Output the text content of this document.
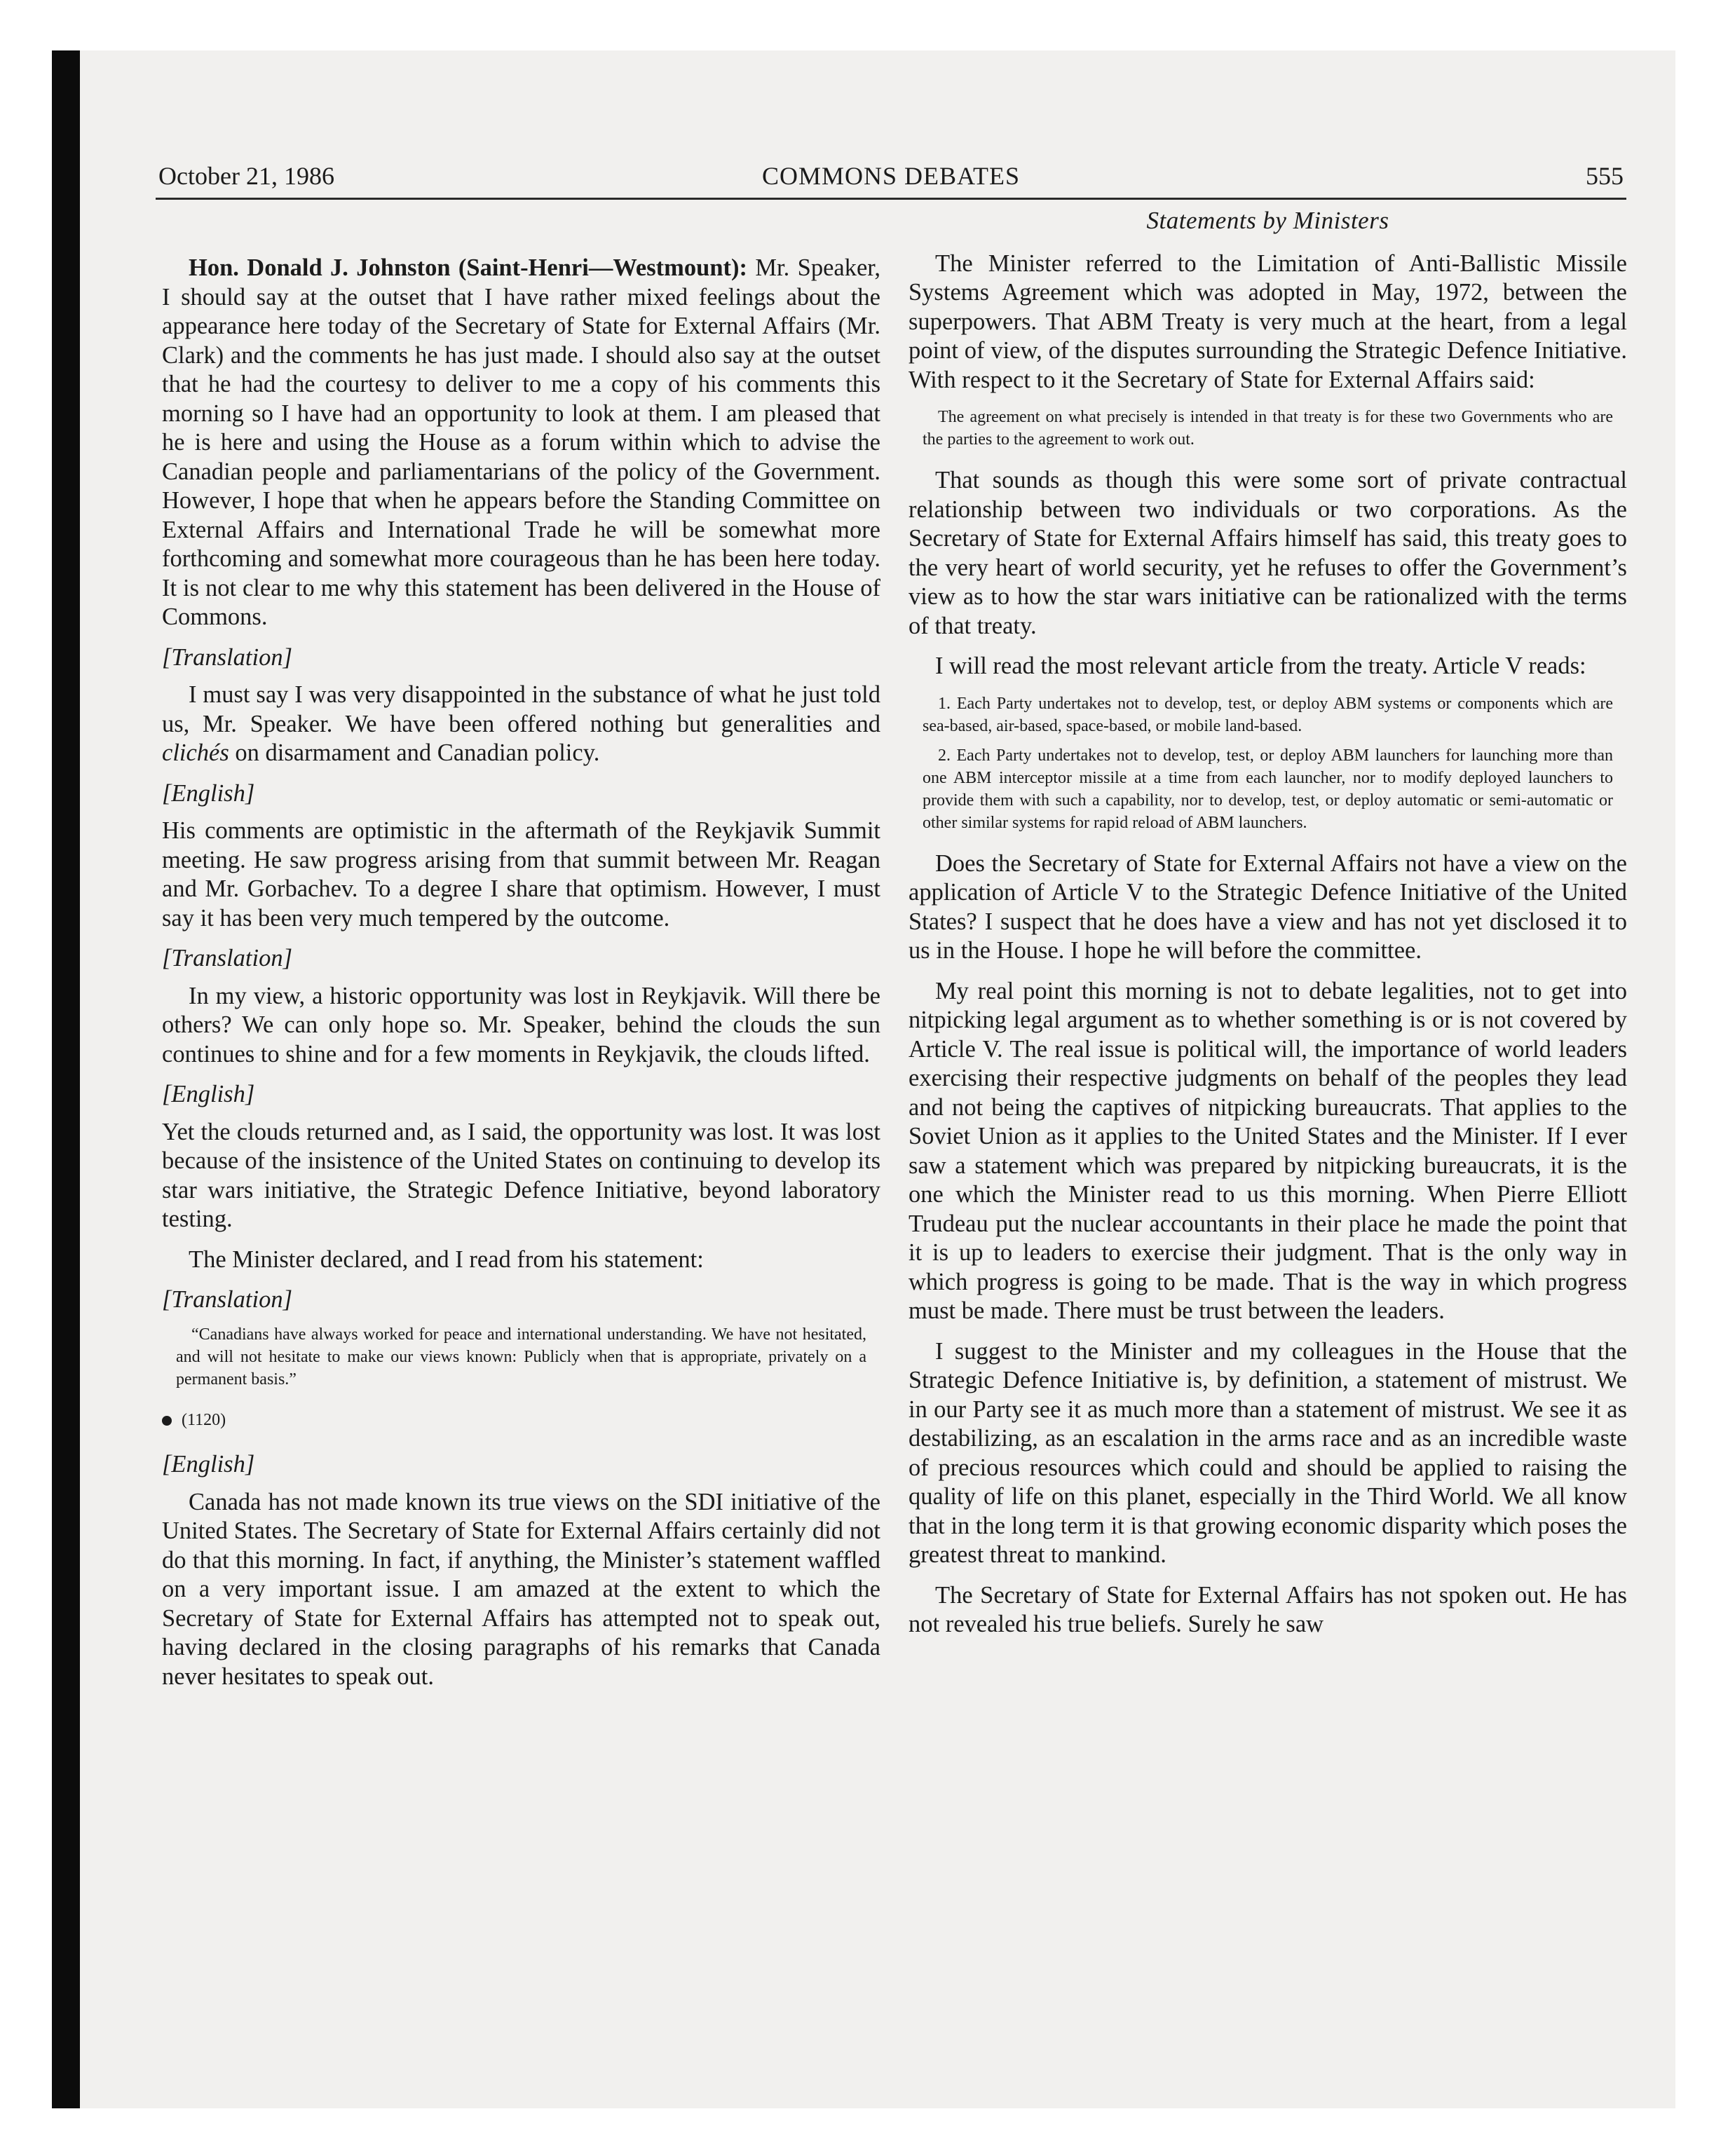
COMMONS DEBATES
October 21, 1986	555

Hon. Donald J. Johnston (Saint-Henri—Westmount): Mr. Speaker, I should say at the outset that I have rather mixed feelings about the appearance here today of the Secretary of State for External Affairs (Mr. Clark) and the comments he has just made. I should also say at the outset that he had the courtesy to deliver to me a copy of his comments this morning so I have had an opportunity to look at them. I am pleased that he is here and using the House as a forum within which to advise the Canadian people and parliamentarians of the policy of the Government. However, I hope that when he appears before the Standing Committee on External Affairs and International Trade he will be somewhat more forthcoming and somewhat more courageous than he has been here today. It is not clear to me why this statement has been delivered in the House of Commons.

[Translation]

I must say I was very disappointed in the substance of what he just told us, Mr. Speaker. We have been offered nothing but generalities and clichés on disarmament and Canadian policy.

[English]

His comments are optimistic in the aftermath of the Reykjavik Summit meeting. He saw progress arising from that summit between Mr. Reagan and Mr. Gorbachev. To a degree I share that optimism. However, I must say it has been very much tempered by the outcome.

[Translation]

In my view, a historic opportunity was lost in Reykjavik. Will there be others? We can only hope so. Mr. Speaker, behind the clouds the sun continues to shine and for a few moments in Reykjavik, the clouds lifted.

[English]

Yet the clouds returned and, as I said, the opportunity was lost. It was lost because of the insistence of the United States on continuing to develop its star wars initiative, the Strategic Defence Initiative, beyond laboratory testing.

The Minister declared, and I read from his statement:

[Translation]

“Canadians have always worked for peace and international understanding. We have not hesitated, and will not hesitate to make our views known: Publicly when that is appropriate, privately on a permanent basis.”

(1120)

[English]

Canada has not made known its true views on the SDI initiative of the United States. The Secretary of State for External Affairs certainly did not do that this morning. In fact, if anything, the Minister’s statement waffled on a very important issue. I am amazed at the extent to which the Secretary of State for External Affairs has attempted not to speak out, having declared in the closing paragraphs of his remarks that Canada never hesitates to speak out.

Statements by Ministers

The Minister referred to the Limitation of Anti-Ballistic Missile Systems Agreement which was adopted in May, 1972, between the superpowers. That ABM Treaty is very much at the heart, from a legal point of view, of the disputes surrounding the Strategic Defence Initiative. With respect to it the Secretary of State for External Affairs said:

The agreement on what precisely is intended in that treaty is for these two Governments who are the parties to the agreement to work out.

That sounds as though this were some sort of private contractual relationship between two individuals or two corporations. As the Secretary of State for External Affairs himself has said, this treaty goes to the very heart of world security, yet he refuses to offer the Government’s view as to how the star wars initiative can be rationalized with the terms of that treaty.

I will read the most relevant article from the treaty. Article V reads:

1. Each Party undertakes not to develop, test, or deploy ABM systems or components which are sea-based, air-based, space-based, or mobile land-based.

2. Each Party undertakes not to develop, test, or deploy ABM launchers for launching more than one ABM interceptor missile at a time from each launcher, nor to modify deployed launchers to provide them with such a capability, nor to develop, test, or deploy automatic or semi-automatic or other similar systems for rapid reload of ABM launchers.

Does the Secretary of State for External Affairs not have a view on the application of Article V to the Strategic Defence Initiative of the United States? I suspect that he does have a view and has not yet disclosed it to us in the House. I hope he will before the committee.

My real point this morning is not to debate legalities, not to get into nitpicking legal argument as to whether something is or is not covered by Article V. The real issue is political will, the importance of world leaders exercising their respective judgments on behalf of the peoples they lead and not being the captives of nitpicking bureaucrats. That applies to the Soviet Union as it applies to the United States and the Minister. If I ever saw a statement which was prepared by nitpicking bureaucrats, it is the one which the Minister read to us this morning. When Pierre Elliott Trudeau put the nuclear accountants in their place he made the point that it is up to leaders to exercise their judgment. That is the only way in which progress is going to be made. That is the way in which progress must be made. There must be trust between the leaders.

I suggest to the Minister and my colleagues in the House that the Strategic Defence Initiative is, by definition, a statement of mistrust. We in our Party see it as much more than a statement of mistrust. We see it as destabilizing, as an escalation in the arms race and as an incredible waste of precious resources which could and should be applied to raising the quality of life on this planet, especially in the Third World. We all know that in the long term it is that growing economic disparity which poses the greatest threat to mankind.

The Secretary of State for External Affairs has not spoken out. He has not revealed his true beliefs. Surely he saw
